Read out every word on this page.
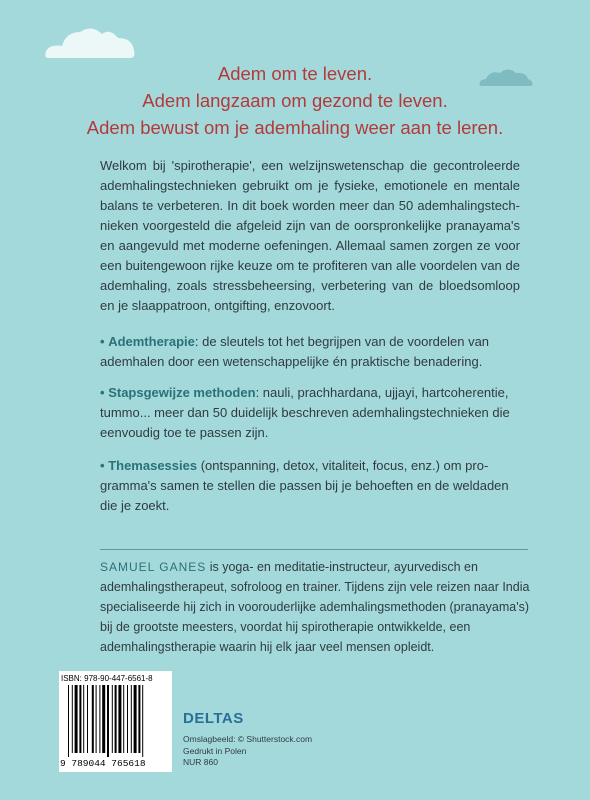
Adem om te leven.
Adem langzaam om gezond te leven.
Adem bewust om je ademhaling weer aan te leren.
Welkom bij 'spirotherapie', een welzijnswetenschap die gecontroleerde ademhalingstechnieken gebruikt om je fysieke, emotionele en mentale balans te verbeteren. In dit boek worden meer dan 50 ademhalingstechnieken voorgesteld die afgeleid zijn van de oorspronkelijke pranayama's en aangevuld met moderne oefeningen. Allemaal samen zorgen ze voor een buitengewoon rijke keuze om te profiteren van alle voordelen van de ademhaling, zoals stressbeheersing, verbetering van de bloedsomloop en je slaappatroon, ontgifting, enzovoort.
• Ademtherapie: de sleutels tot het begrijpen van de voordelen van ademhalen door een wetenschappelijke én praktische benadering.
• Stapsgewijze methoden: nauli, prachhardana, ujjayi, hartcoherentie, tummo... meer dan 50 duidelijk beschreven ademhalingstechnieken die eenvoudig toe te passen zijn.
• Themasessies (ontspanning, detox, vitaliteit, focus, enz.) om programma's samen te stellen die passen bij je behoeften en de weldaden die je zoekt.
SAMUEL GANES is yoga- en meditatie-instructeur, ayurvedisch en ademhalingstherapeut, sofroloog en trainer. Tijdens zijn vele reizen naar India specialiseerde hij zich in voorouderlijke ademhalingsmethoden (pranayama's) bij de grootste meesters, voordat hij spirotherapie ontwikkelde, een ademhalingstherapie waarin hij elk jaar veel mensen opleidt.
ISBN: 978-90-447-6561-8
9 789044 765618
DELTAS
Omslagbeeld: © Shutterstock.com
Gedrukt in Polen
NUR 860
